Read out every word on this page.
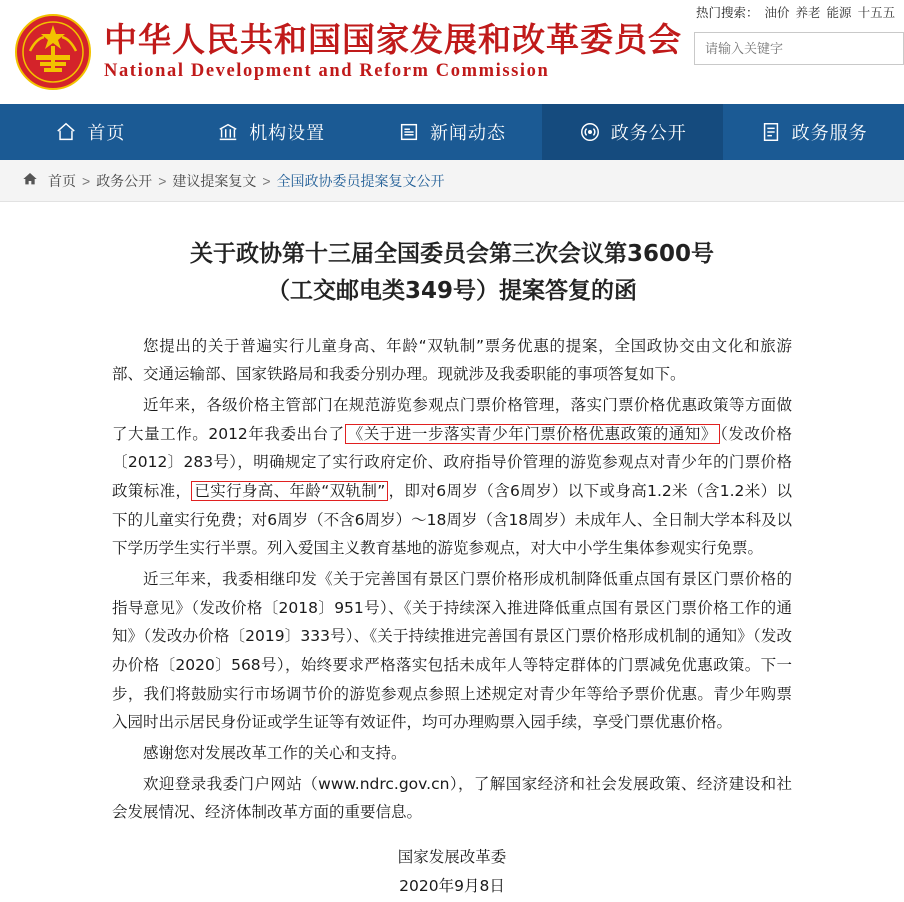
中华人民共和国国家发展和改革委员会
National Development and Reform Commission
热门搜索： 油价 养老 能源 十五五
请输入关键字
首页	机构设置	新闻动态	政务公开	政务服务
首页 > 政务公开 > 建议提案复文 > 全国政协委员提案复文公开
关于政协第十三届全国委员会第三次会议第3600号
（工交邮电类349号）提案答复的函

您提出的关于普遍实行儿童身高、年龄“双轨制”票务优惠的提案，全国政协交由文化和旅游部、交通运输部、国家铁路局和我委分别办理。现就涉及我委职能的事项答复如下。

近年来，各级价格主管部门在规范游览参观点门票价格管理，落实门票价格优惠政策等方面做了大量工作。2012年我委出台了 《关于进一步落实青少年门票价格优惠政策的通知》 （发改价格〔2012〕283号），明确规定了实行政府定价、政府指导价管理的游览参观点对青少年的门票价格政策标准， 已实行身高、年龄“双轨制” ，即对6周岁（含6周岁）以下或身高1.2米（含1.2米）以下的儿童实行免费；对6周岁（不含6周岁）～18周岁（含18周岁）未成年人、全日制大学本科及以下学历学生实行半票。列入爱国主义教育基地的游览参观点，对大中小学生集体参观实行免票。

近三年来，我委相继印发《关于完善国有景区门票价格形成机制降低重点国有景区门票价格的指导意见》（发改价格〔2018〕951号）、《关于持续深入推进降低重点国有景区门票价格工作的通知》（发改办价格〔2019〕333号）、《关于持续推进完善国有景区门票价格形成机制的通知》（发改办价格〔2020〕568号），始终要求严格落实包括未成年人等特定群体的门票减免优惠政策。下一步，我们将鼓励实行市场调节价的游览参观点参照上述规定对青少年等给予票价优惠。青少年购票入园时出示居民身份证或学生证等有效证件，均可办理购票入园手续，享受门票优惠价格。

感谢您对发展改革工作的关心和支持。

欢迎登录我委门户网站（www.ndrc.gov.cn），了解国家经济和社会发展政策、经济建设和社会发展情况、经济体制改革方面的重要信息。

国家发展改革委
2020年9月8日
